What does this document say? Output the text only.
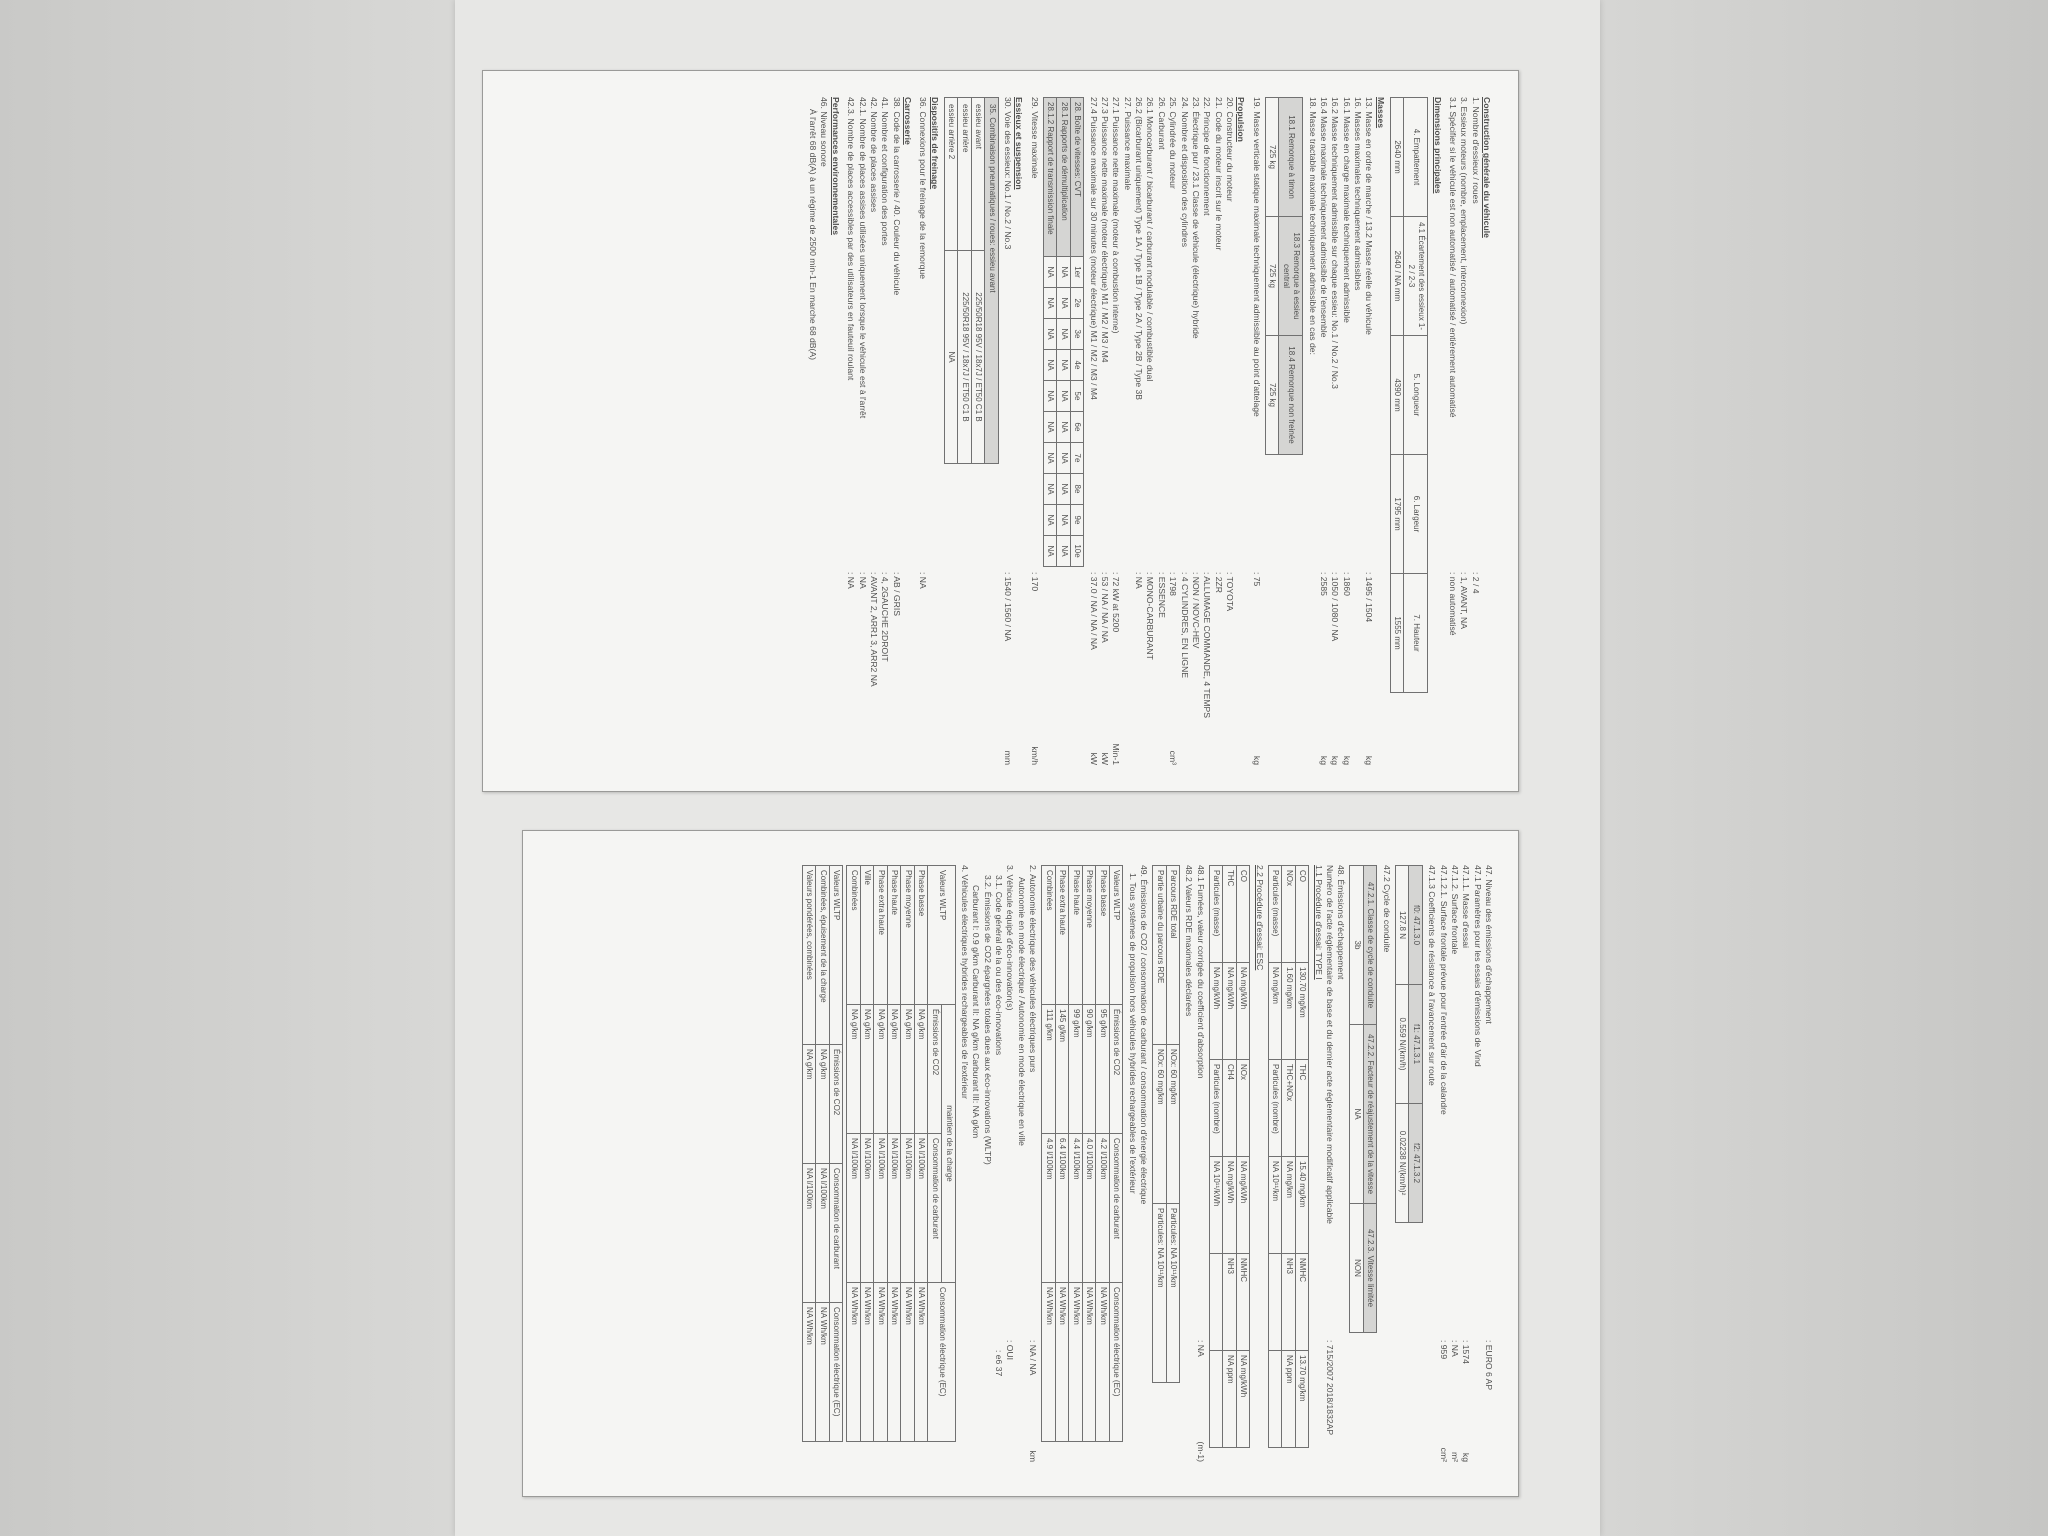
Construction générale du véhicule
1. Nombre d'essieux / roues
: 2 / 4
3. Essieux moteurs (nombre, emplacement, interconnexion)
: 1, AVANT, NA
3.1 Spécifier si le véhicule est non automatisé / automatisé / entièrement automatisé
: non automatisé
Dimensions principales
4. Empattement	4.1 Écartement des essieux 1-2 / 2-3	5. Longueur	6. Largeur	7. Hauteur
2640 mm	2640 / NA mm	4390 mm	1795 mm	1555 mm
Masses
13. Masse en ordre de marche / 13.2 Masse réelle du véhicule
: 1495 / 1504
kg
16. Masses maximales techniquement admissibles
16.1 Masse en charge maximale techniquement admissible
: 1860
kg
16.2 Masse techniquement admissible sur chaque essieu: No.1 / No.2 / No.3
: 1050 / 1080 / NA
kg
16.4 Masse maximale techniquement admissible de l'ensemble
: 2585
kg
18. Masse tractable maximale techniquement admissible en cas de:
18.1 Remorque à timon	18.3 Remorque à essieu central	18.4 Remorque non freinée
725 kg	725 kg	725 kg
19. Masse verticale statique maximale techniquement admissible au point d'attelage
: 75
kg
Propulsion
20. Constructeur du moteur
: TOYOTA
21. Code du moteur inscrit sur le moteur
: 2ZR
22. Principe de fonctionnement
: ALLUMAGE COMMANDE, 4 TEMPS
23. Électrique pur / 23.1 Classe de véhicule (électrique) hybride
: NON / NOVC-HEV
24. Nombre et disposition des cylindres
: 4 CYLINDRES, EN LIGNE
25. Cylindrée du moteur
: 1798
cm³
26. Carburant
: ESSENCE
26.1 Monocarburant / bicarburant / carburant modulable / combustible dual
: MONO-CARBURANT
26.2 (Bicarburant uniquement) Type 1A / Type 1B / Type 2A / Type 2B / Type 3B
: NA
27. Puissance maximale
27.1 Puissance nette maximale (moteur à combustion interne)
: 72 kW at 5200
Min-1
27.3 Puissance nette maximale (moteur électrique) M1 / M2 / M3 / M4
: 53 / NA / NA / NA
kW
27.4 Puissance maximale sur 30 minutes (moteur électrique) M1 / M2 / M3 / M4
: 37.0 / NA / NA / NA
kW
28. Boîte de vitesses: CVT	1er	2e	3e	4e	5e	6e	7e	8e	9e	10e
28.1 Rapports de démultiplication	NA	NA	NA	NA	NA	NA	NA	NA	NA	NA
28.1.2 Rapport de transmission finale	NA	NA	NA	NA	NA	NA	NA	NA	NA	NA
29. Vitesse maximale
: 170
km/h
Essieux et suspension
30. Voie des essieux: No.1 / No.2 / No.3
: 1540 / 1560 / NA
mm
35. Combinaison pneumatiques / roues: essieu avant	
essieu avant	225/50R18 95V / 18x7J / ET50 C1 B
essieu arrière	225/50R18 95V / 18x7J / ET50 C1 B
essieu arrière 2	NA
Dispositifs de freinage
36. Connexions pour le freinage de la remorque
: NA
Carrosserie
38. Code de la carrosserie / 40. Couleur du véhicule
: AB / GRIS
41. Nombre et configuration des portes
: 4, 2GAUCHE 2DROIT
42. Nombre de places assises
: AVANT 2, ARR1 3, ARR2 NA
42.1. Nombre de places assises utilisées uniquement lorsque le véhicule est à l'arrêt
: NA
42.3. Nombre de places accessibles par des utilisateurs en fauteuil roulant
: NA
Performances environnementales
46. Niveau sonore
À l'arrêt 68 dB(A) à un régime de 2500 min-1 En marche 68 dB(A)
47. Niveau des émissions d'échappement
: EURO 6 AP
47.1 Paramètres pour les essais d'émissions de Vind
47.1.1. Masse d'essai
: 1574
kg
47.1.2. Surface frontale
: NA
m²
47.1.2.1. Surface frontale prévue pour l'entrée d'air de la calandre
: 959
cm²
47.1.3 Coefficients de résistance à l'avancement sur route
f0: 47.1.3.0	f1: 47.1.3.1	f2: 47.1.3.2
127.8 N	0.559 N/(km/h)	0.02238 N/(km/h)²
47.2 Cycle de conduite
47.2.1. Classe de cycle de conduite	47.2.2. Facteur de réajustement de la vitesse	47.2.3. Vitesse limitée
3b	NA	NON
48. Émissions d'échappement
Numéro de l'acte réglementaire de base et du dernier acte réglementaire modificatif applicable
: 715/2007 2018/1832AP
1.1 Procédure d'essai: TYPE I
CO	130.70 mg/km	THC	15.40 mg/km	NMHC	13.70 mg/km
NOx	1.60 mg/km	THC+NOx	NA mg/km	NH3	NA ppm
Particules (masse)	NA mg/km	Particules (nombre)	NA 10¹¹/km		
2.2 Procédure d'essai: ESC
CO	NA mg/kWh	NOx	NA mg/kWh	NMHC	NA mg/kWh
THC	NA mg/kWh	CH4	NA mg/kWh	NH3	NA ppm
Particules (masse)	NA mg/kWh	Particules (nombre)	NA 10¹¹/kWh		
48.1 Fumées, valeur corrigée du coefficient d'absorption
: NA
(m-1)
48.2 Valeurs RDE maximales déclarées
Parcours RDE total	NOx: 60 mg/km	Particules: NA 10¹¹/km
Partie urbaine du parcours RDE	NOx: 60 mg/km	Particules: NA 10¹¹/km
49. Émissions de CO2 / consommation de carburant / consommation d'énergie électrique
1. Tous systèmes de propulsion hors véhicules hybrides rechargeables de l'extérieur
Valeurs WLTP	Émissions de CO2	Consommation de carburant	Consommation électrique (EC)
Phase basse	95 g/km	4.2 l/100km	NA Wh/km
Phase moyenne	90 g/km	4.0 l/100km	NA Wh/km
Phase haute	99 g/km	4.4 l/100km	NA Wh/km
Phase extra haute	145 g/km	6.4 l/100km	NA Wh/km
Combinées	111 g/km	4.9 l/100km	NA Wh/km
2. Autonomie électrique des véhicules électriques purs
: NA / NA
km
Autonomie en mode électrique / Autonomie en mode électrique en ville
3. Véhicule équipé d'éco-innovation(s)
: OUI
3.1. Code général de la ou des éco-innovations
: e6 37
3.2. Émissions de CO2 épargnées totales dues aux éco-innovations (WLTP)
Carburant I: 0.9 g/km Carburant II: NA g/km Carburant III: NA g/km
4. Véhicules électriques hybrides rechargeables de l'extérieur
Valeurs WLTP	maintien de la charge		Consommation électrique (EC)
	Émissions de CO2	Consommation de carburant	
Phase basse	NA g/km	NA l/100km	NA Wh/km
Phase moyenne	NA g/km	NA l/100km	NA Wh/km
Phase haute	NA g/km	NA l/100km	NA Wh/km
Phase extra haute	NA g/km	NA l/100km	NA Wh/km
Ville	NA g/km	NA l/100km	NA Wh/km
Combinées	NA g/km	NA l/100km	NA Wh/km
Valeurs WLTP	Émissions de CO2	Consommation de carburant	Consommation électrique (EC)
Combinées, épuisement de la charge	NA g/km	NA l/100km	NA Wh/km
Valeurs pondérées, combinées	NA g/km	NA l/100km	NA Wh/km
